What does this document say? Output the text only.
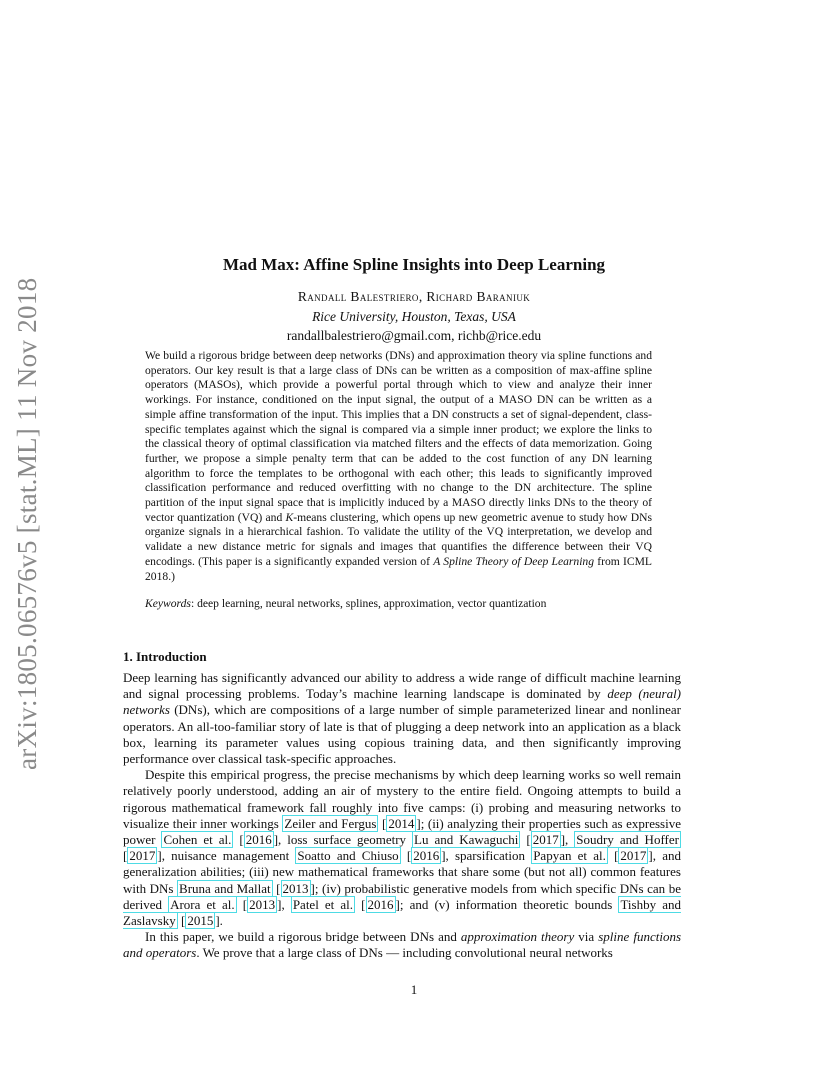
arXiv:1805.06576v5 [stat.ML] 11 Nov 2018
Mad Max: Affine Spline Insights into Deep Learning
Randall Balestriero, Richard Baraniuk
Rice University, Houston, Texas, USA
randallbalestriero@gmail.com, richb@rice.edu
We build a rigorous bridge between deep networks (DNs) and approximation theory via spline functions and operators. Our key result is that a large class of DNs can be written as a composition of max-affine spline operators (MASOs), which provide a powerful portal through which to view and analyze their inner workings. For instance, conditioned on the input signal, the output of a MASO DN can be written as a simple affine transformation of the input. This implies that a DN constructs a set of signal-dependent, class-specific templates against which the signal is compared via a simple inner product; we explore the links to the classical theory of optimal classification via matched filters and the effects of data memorization. Going further, we propose a simple penalty term that can be added to the cost function of any DN learning algorithm to force the templates to be orthogonal with each other; this leads to significantly improved classification performance and reduced overfitting with no change to the DN architecture. The spline partition of the input signal space that is implicitly induced by a MASO directly links DNs to the theory of vector quantization (VQ) and K-means clustering, which opens up new geometric avenue to study how DNs organize signals in a hierarchical fashion. To validate the utility of the VQ interpretation, we develop and validate a new distance metric for signals and images that quantifies the difference between their VQ encodings. (This paper is a significantly expanded version of A Spline Theory of Deep Learning from ICML 2018.)
Keywords: deep learning, neural networks, splines, approximation, vector quantization
1. Introduction

Deep learning has significantly advanced our ability to address a wide range of difficult machine learning and signal processing problems. Today’s machine learning landscape is dominated by deep (neural) networks (DNs), which are compositions of a large number of simple parameterized linear and nonlinear operators. An all-too-familiar story of late is that of plugging a deep network into an application as a black box, learning its parameter values using copious training data, and then significantly improving performance over classical task-specific approaches.

Despite this empirical progress, the precise mechanisms by which deep learning works so well remain relatively poorly understood, adding an air of mystery to the entire field. Ongoing attempts to build a rigorous mathematical framework fall roughly into five camps: (i) probing and measuring networks to visualize their inner workings Zeiler and Fergus [ 2014 ]; (ii) analyzing their properties such as expressive power Cohen et al. [ 2016 ], loss surface geometry Lu and Kawaguchi [ 2017 ], Soudry and Hoffer [ 2017 ], nuisance management Soatto and Chiuso [ 2016 ], sparsification Papyan et al. [ 2017 ], and generalization abilities; (iii) new mathematical frameworks that share some (but not all) common features with DNs Bruna and Mallat [ 2013 ]; (iv) probabilistic generative models from which specific DNs can be derived Arora et al. [ 2013 ], Patel et al. [ 2016 ]; and (v) information theoretic bounds Tishby and Zaslavsky [ 2015 ].

In this paper, we build a rigorous bridge between DNs and approximation theory via spline functions and operators. We prove that a large class of DNs — including convolutional neural networks

1
